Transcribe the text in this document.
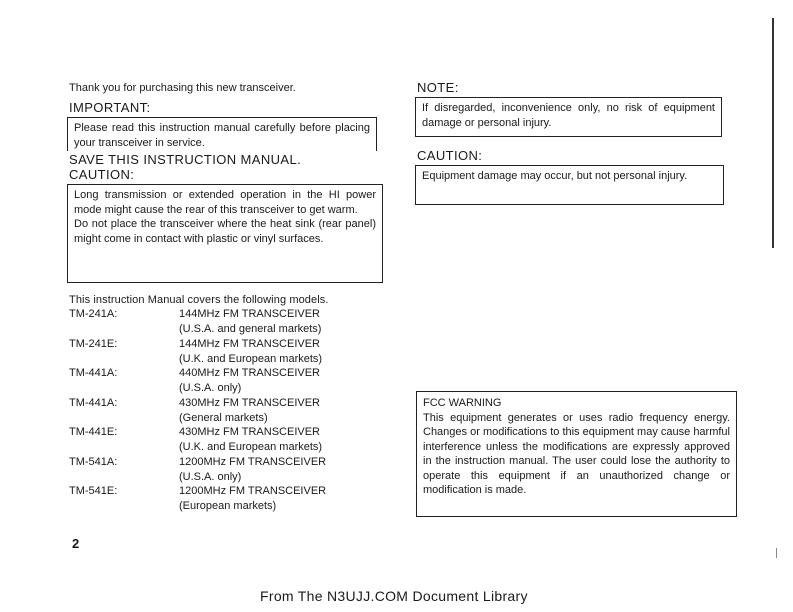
Thank you for purchasing this new transceiver.
IMPORTANT:
Please read this instruction manual carefully before placing your transceiver in service.
SAVE THIS INSTRUCTION MANUAL.
CAUTION:
Long transmission or extended operation in the HI power mode might cause the rear of this transceiver to get warm.
Do not place the transceiver where the heat sink (rear panel) might come in contact with plastic or vinyl surfaces.
This instruction Manual covers the following models.
TM-241A:	144MHz FM TRANSCEIVER
(U.S.A. and general markets)
TM-241E:	144MHz FM TRANSCEIVER
(U.K. and European markets)
TM-441A:	440MHz FM TRANSCEIVER
(U.S.A. only)
TM-441A:	430MHz FM TRANSCEIVER
(General markets)
TM-441E:	430MHz FM TRANSCEIVER
(U.K. and European markets)
TM-541A:	1200MHz FM TRANSCEIVER
(U.S.A. only)
TM-541E:	1200MHz FM TRANSCEIVER
(European markets)
2
NOTE:
If disregarded, inconvenience only, no risk of equipment damage or personal injury.
CAUTION:
Equipment damage may occur, but not personal injury.
FCC WARNING
This equipment generates or uses radio frequency energy. Changes or modifications to this equipment may cause harmful interference unless the modifications are expressly approved in the instruction manual. The user could lose the authority to operate this equipment if an unauthorized change or modification is made.
From The N3UJJ.COM Document Library
